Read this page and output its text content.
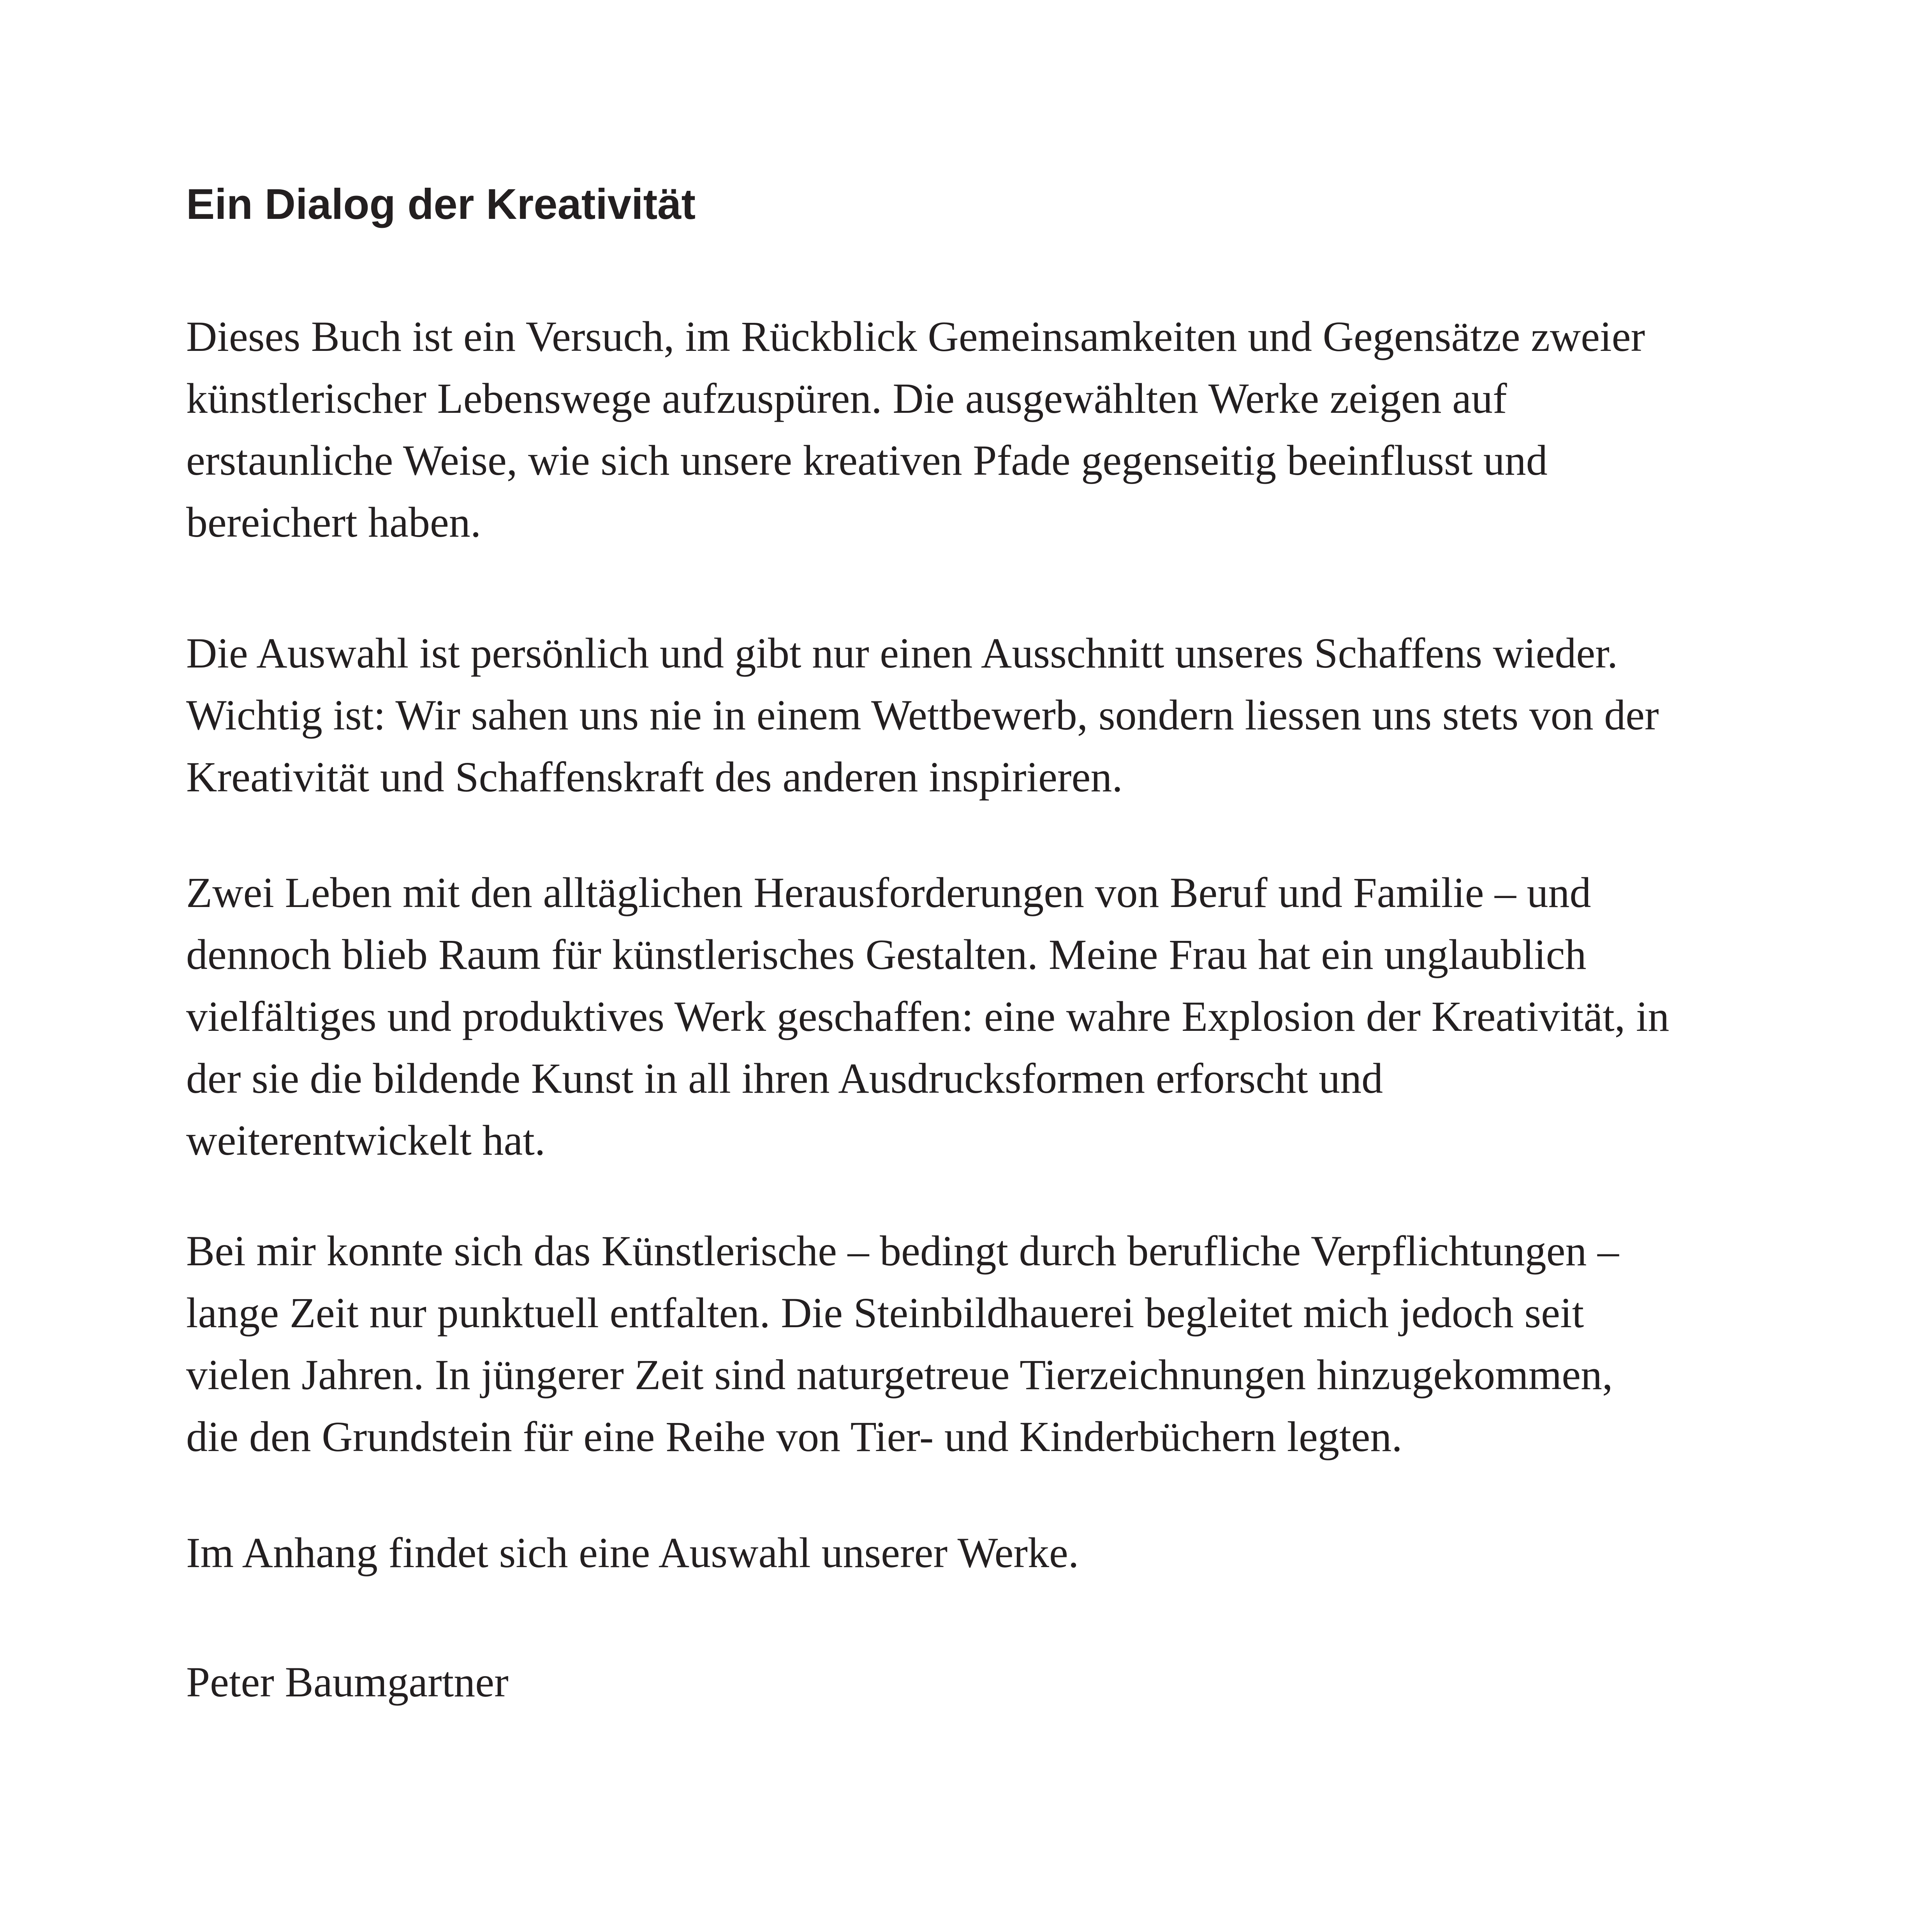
Ein Dialog der Kreativität

Dieses Buch ist ein Versuch, im Rückblick Gemeinsamkeiten und Gegensätze zweier
künstlerischer Lebenswege aufzuspüren. Die ausgewählten Werke zeigen auf
erstaunliche Weise, wie sich unsere kreativen Pfade gegenseitig beeinflusst und
bereichert haben.

Die Auswahl ist persönlich und gibt nur einen Ausschnitt unseres Schaffens wieder.
Wichtig ist: Wir sahen uns nie in einem Wettbewerb, sondern liessen uns stets von der
Kreativität und Schaffenskraft des anderen inspirieren.

Zwei Leben mit den alltäglichen Herausforderungen von Beruf und Familie – und
dennoch blieb Raum für künstlerisches Gestalten. Meine Frau hat ein unglaublich
vielfältiges und produktives Werk geschaffen: eine wahre Explosion der Kreativität, in
der sie die bildende Kunst in all ihren Ausdrucksformen erforscht und
weiterentwickelt hat.

Bei mir konnte sich das Künstlerische – bedingt durch berufliche Verpflichtungen –
lange Zeit nur punktuell entfalten. Die Steinbildhauerei begleitet mich jedoch seit
vielen Jahren. In jüngerer Zeit sind naturgetreue Tierzeichnungen hinzugekommen,
die den Grundstein für eine Reihe von Tier- und Kinderbüchern legten.

Im Anhang findet sich eine Auswahl unserer Werke.

Peter Baumgartner
